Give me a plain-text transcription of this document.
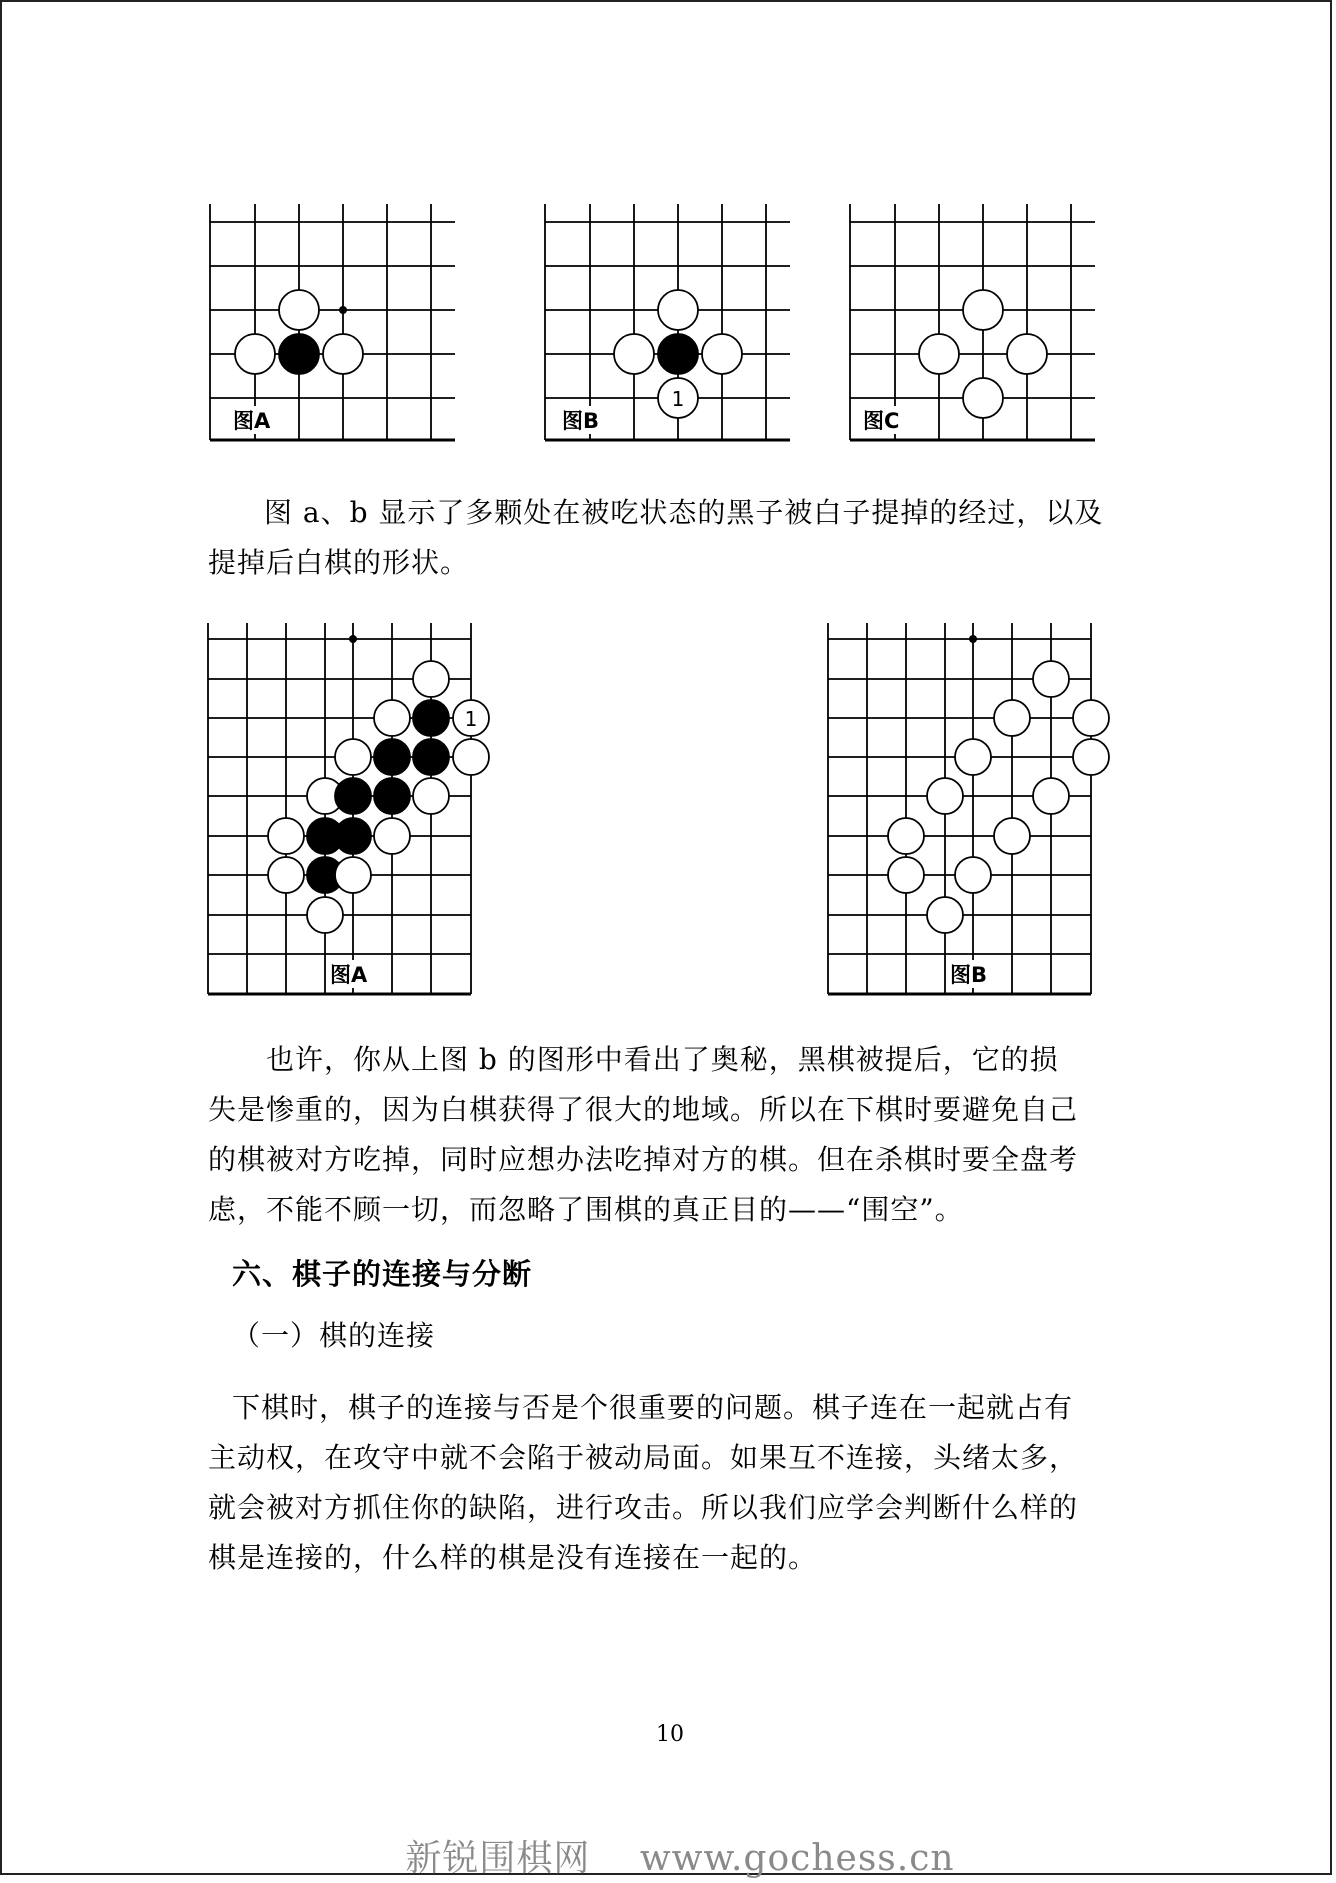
图A
1
图B	图C

图 a、b 显示了多颗处在被吃状态的黑子被白子提掉的经过，以及
提掉后白棋的形状。

1
图A	图B

　　也许，你从上图 b 的图形中看出了奥秘，黑棋被提后，它的损
失是惨重的，因为白棋获得了很大的地域。所以在下棋时要避免自己
的棋被对方吃掉，同时应想办法吃掉对方的棋。但在杀棋时要全盘考
虑，不能不顾一切，而忽略了围棋的真正目的——“围空”。

六、棋子的连接与分断

（一）棋的连接

下棋时，棋子的连接与否是个很重要的问题。棋子连在一起就占有
主动权，在攻守中就不会陷于被动局面。如果互不连接，头绪太多，
就会被对方抓住你的缺陷，进行攻击。所以我们应学会判断什么样的
棋是连接的，什么样的棋是没有连接在一起的。

10
新锐围棋网　 www.gochess.cn
